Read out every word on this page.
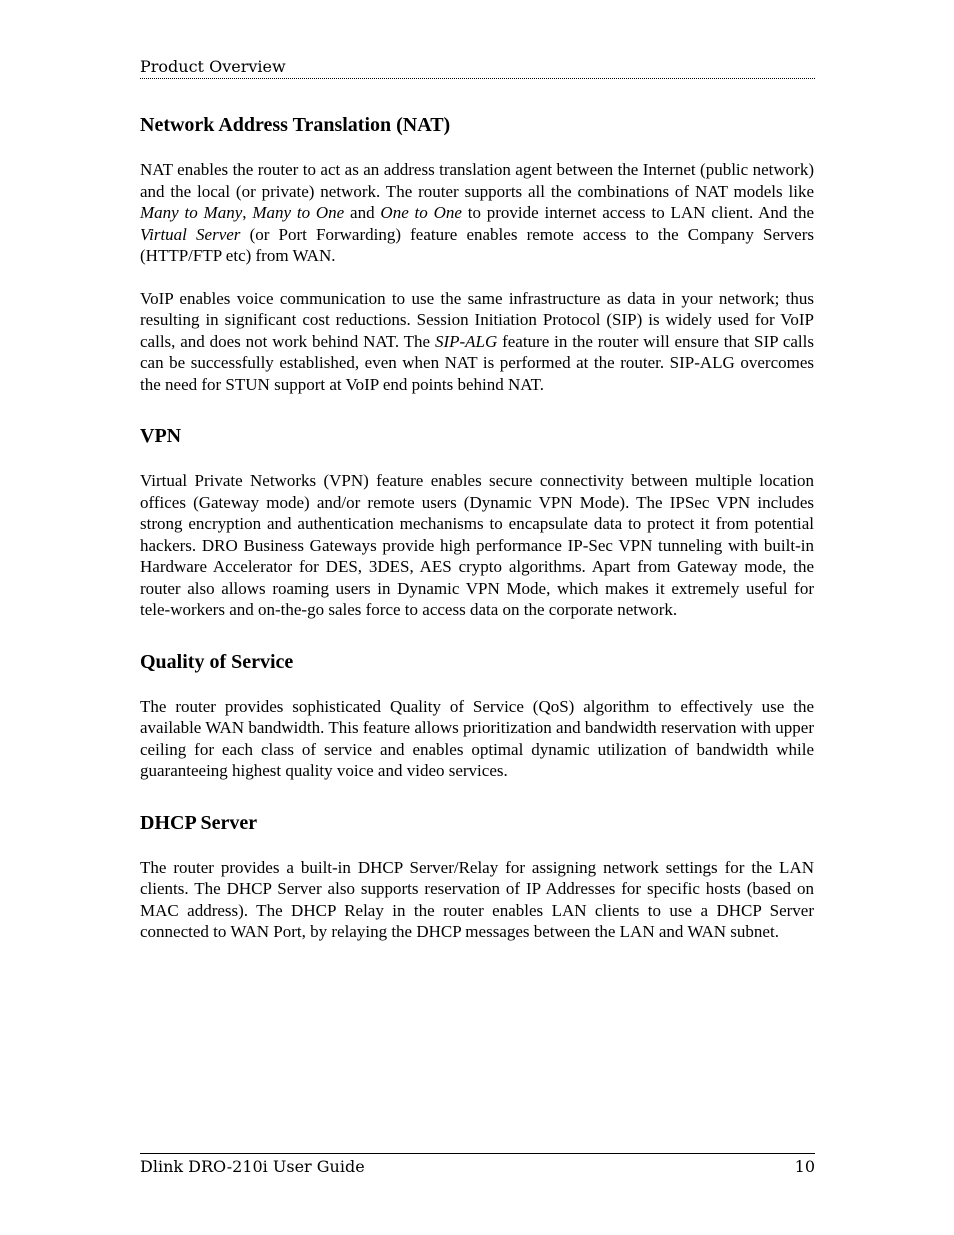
Product Overview
Network Address Translation (NAT)

NAT enables the router to act as an address translation agent between the Internet (public network) and the local (or private) network. The router supports all the combinations of NAT models like Many to Many, Many to One and One to One to provide internet access to LAN client. And the Virtual Server (or Port Forwarding) feature enables remote access to the Company Servers (HTTP/FTP etc) from WAN.

VoIP enables voice communication to use the same infrastructure as data in your network; thus resulting in significant cost reductions. Session Initiation Protocol (SIP) is widely used for VoIP calls, and does not work behind NAT. The SIP-ALG feature in the router will ensure that SIP calls can be successfully established, even when NAT is performed at the router. SIP-ALG overcomes the need for STUN support at VoIP end points behind NAT.

VPN

Virtual Private Networks (VPN) feature enables secure connectivity between multiple location offices (Gateway mode) and/or remote users (Dynamic VPN Mode). The IPSec VPN includes strong encryption and authentication mechanisms to encapsulate data to protect it from potential hackers. DRO Business Gateways provide high performance IP-Sec VPN tunneling with built-in Hardware Accelerator for DES, 3DES, AES crypto algorithms. Apart from Gateway mode, the router also allows roaming users in Dynamic VPN Mode, which makes it extremely useful for tele-workers and on-the-go sales force to access data on the corporate network.

Quality of Service

The router provides sophisticated Quality of Service (QoS) algorithm to effectively use the available WAN bandwidth. This feature allows prioritization and bandwidth reservation with upper ceiling for each class of service and enables optimal dynamic utilization of bandwidth while guaranteeing highest quality voice and video services.

DHCP Server

The router provides a built-in DHCP Server/Relay for assigning network settings for the LAN clients. The DHCP Server also supports reservation of IP Addresses for specific hosts (based on MAC address). The DHCP Relay in the router enables LAN clients to use a DHCP Server connected to WAN Port, by relaying the DHCP messages between the LAN and WAN subnet.

Dlink DRO-210i User Guide	10
